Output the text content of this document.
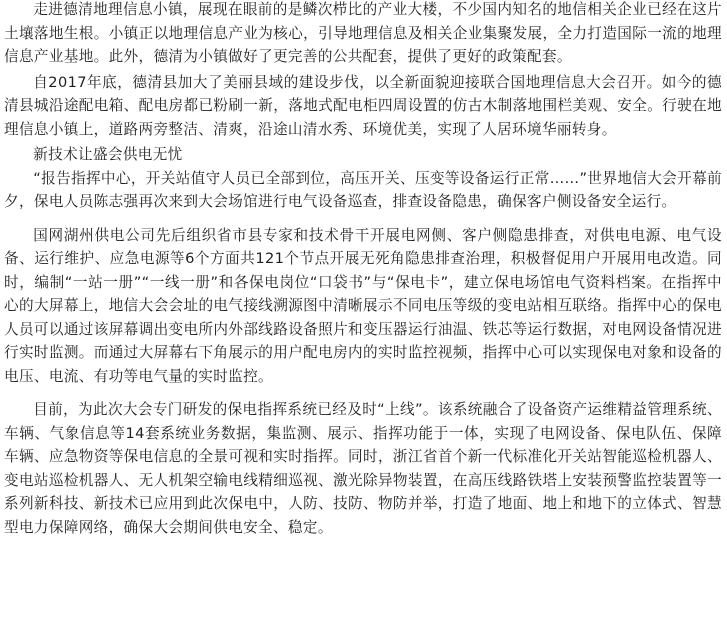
走进德清地理信息小镇，展现在眼前的是鳞次栉比的产业大楼，不少国内知名的地信相关企业已经在这片土壤落地生根。小镇正以地理信息产业为核心，引导地理信息及相关企业集聚发展，全力打造国际一流的地理信息产业基地。此外，德清为小镇做好了更完善的公共配套，提供了更好的政策配套。

自2017年底，德清县加大了美丽县域的建设步伐，以全新面貌迎接联合国地理信息大会召开。如今的德清县城沿途配电箱、配电房都已粉刷一新，落地式配电柜四周设置的仿古木制落地围栏美观、安全。行驶在地理信息小镇上，道路两旁整洁、清爽，沿途山清水秀、环境优美，实现了人居环境华丽转身。

新技术让盛会供电无忧

“报告指挥中心，开关站值守人员已全部到位，高压开关、压变等设备运行正常……”世界地信大会开幕前夕，保电人员陈志强再次来到大会场馆进行电气设备巡查，排查设备隐患，确保客户侧设备安全运行。

国网湖州供电公司先后组织省市县专家和技术骨干开展电网侧、客户侧隐患排查，对供电电源、电气设备、运行维护、应急电源等6个方面共121个节点开展无死角隐患排查治理，积极督促用户开展用电改造。同时，编制“一站一册”“一线一册”和各保电岗位“口袋书”与“保电卡”，建立保电场馆电气资料档案。在指挥中心的大屏幕上，地信大会会址的电气接线溯源图中清晰展示不同电压等级的变电站相互联络。指挥中心的保电人员可以通过该屏幕调出变电所内外部线路设备照片和变压器运行油温、铁芯等运行数据，对电网设备情况进行实时监测。而通过大屏幕右下角展示的用户配电房内的实时监控视频，指挥中心可以实现保电对象和设备的电压、电流、有功等电气量的实时监控。

目前，为此次大会专门研发的保电指挥系统已经及时“上线”。该系统融合了设备资产运维精益管理系统、车辆、气象信息等14套系统业务数据，集监测、展示、指挥功能于一体，实现了电网设备、保电队伍、保障车辆、应急物资等保电信息的全景可视和实时指挥。同时，浙江省首个新一代标准化开关站智能巡检机器人、变电站巡检机器人、无人机架空输电线精细巡视、激光除异物装置，在高压线路铁塔上安装预警监控装置等一系列新科技、新技术已应用到此次保电中，人防、技防、物防并举，打造了地面、地上和地下的立体式、智慧型电力保障网络，确保大会期间供电安全、稳定。
